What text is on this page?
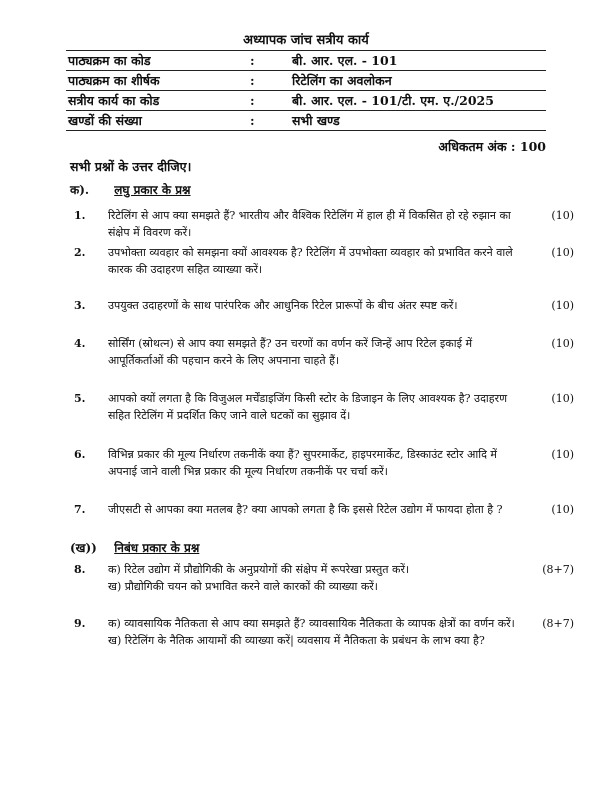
अध्यापक जांच सत्रीय कार्य
पाठ्यक्रम का कोड	:	बी. आर. एल. - 101
पाठ्यक्रम का शीर्षक	:	रिटेलिंग का अवलोकन
सत्रीय कार्य का कोड	:	बी. आर. एल. - 101/टी. एम. ए./2025
खण्डों की संख्या	:	सभी खण्ड
अधिकतम अंक : 100
सभी प्रश्नों के उत्तर दीजिए।
क). लघु प्रकार के प्रश्न
1. रिटेलिंग से आप क्या समझते हैं? भारतीय और वैश्विक रिटेलिंग में हाल ही में विकसित हो रहे रुझान का संक्षेप में विवरण करें।
(10)
2. उपभोक्ता व्यवहार को समझना क्यों आवश्यक है? रिटेलिंग में उपभोक्ता व्यवहार को प्रभावित करने वाले कारक की उदाहरण सहित व्याख्या करें।
(10)
3. उपयुक्त उदाहरणों के साथ पारंपरिक और आधुनिक रिटेल प्रारूपों के बीच अंतर स्पष्ट करें।	(10)
4. सोर्सिंग (स्रोथत्न) से आप क्या समझते हैं? उन चरणों का वर्णन करें जिन्हें आप रिटेल इकाई में आपूर्तिकर्ताओं की पहचान करने के लिए अपनाना चाहते हैं।
(10)
5. आपको क्यों लगता है कि विजुअल मर्चेंडाइजिंग किसी स्टोर के डिजाइन के लिए आवश्यक है? उदाहरण सहित रिटेलिंग में प्रदर्शित किए जाने वाले घटकों का सुझाव दें।
(10)
6. विभिन्न प्रकार की मूल्य निर्धारण तकनीकें क्या हैं? सुपरमार्केट, हाइपरमार्केट, डिस्काउंट स्टोर आदि में अपनाई जाने वाली भिन्न प्रकार की मूल्य निर्धारण तकनीकें पर चर्चा करें।
(10)
7. जीएसटी से आपका क्या मतलब है? क्या आपको लगता है कि इससे रिटेल उद्योग में फायदा होता है ?	(10)
(ख)) निबंध प्रकार के प्रश्न
8. क) रिटेल उद्योग में प्रौद्योगिकी के अनुप्रयोगों की संक्षेप में रूपरेखा प्रस्तुत करें।
ख) प्रौद्योगिकी चयन को प्रभावित करने वाले कारकों की व्याख्या करें।
(8+7)
9. क) व्यावसायिक नैतिकता से आप क्या समझते हैं? व्यावसायिक नैतिकता के व्यापक क्षेत्रों का वर्णन करें।
ख) रिटेलिंग के नैतिक आयामों की व्याख्या करें| व्यवसाय में नैतिकता के प्रबंधन के लाभ क्या है?
(8+7)
